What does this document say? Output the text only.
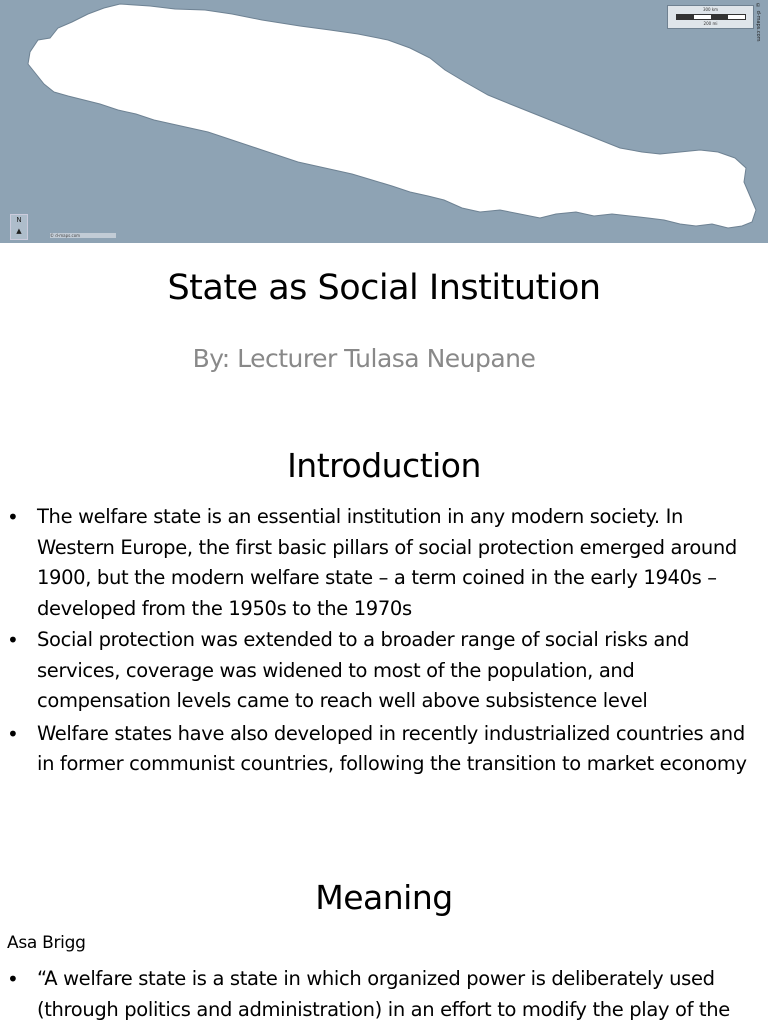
300 km
200 mi	© d-maps.com
N
▲
© d-maps.com
State as Social Institution

By: Lecturer Tulasa Neupane

Introduction
• The welfare state is an essential institution in any modern society. In Western Europe, the first basic pillars of social protection emerged around 1900, but the modern welfare state – a term coined in the early 1940s – developed from the 1950s to the 1970s
• Social protection was extended to a broader range of social risks and services, coverage was widened to most of the population, and compensation levels came to reach well above subsistence level
• Welfare states have also developed in recently industrialized countries and in former communist countries, following the transition to market economy
Meaning
Asa Brigg
• “A welfare state is a state in which organized power is deliberately used (through politics and administration) in an effort to modify the play of the
